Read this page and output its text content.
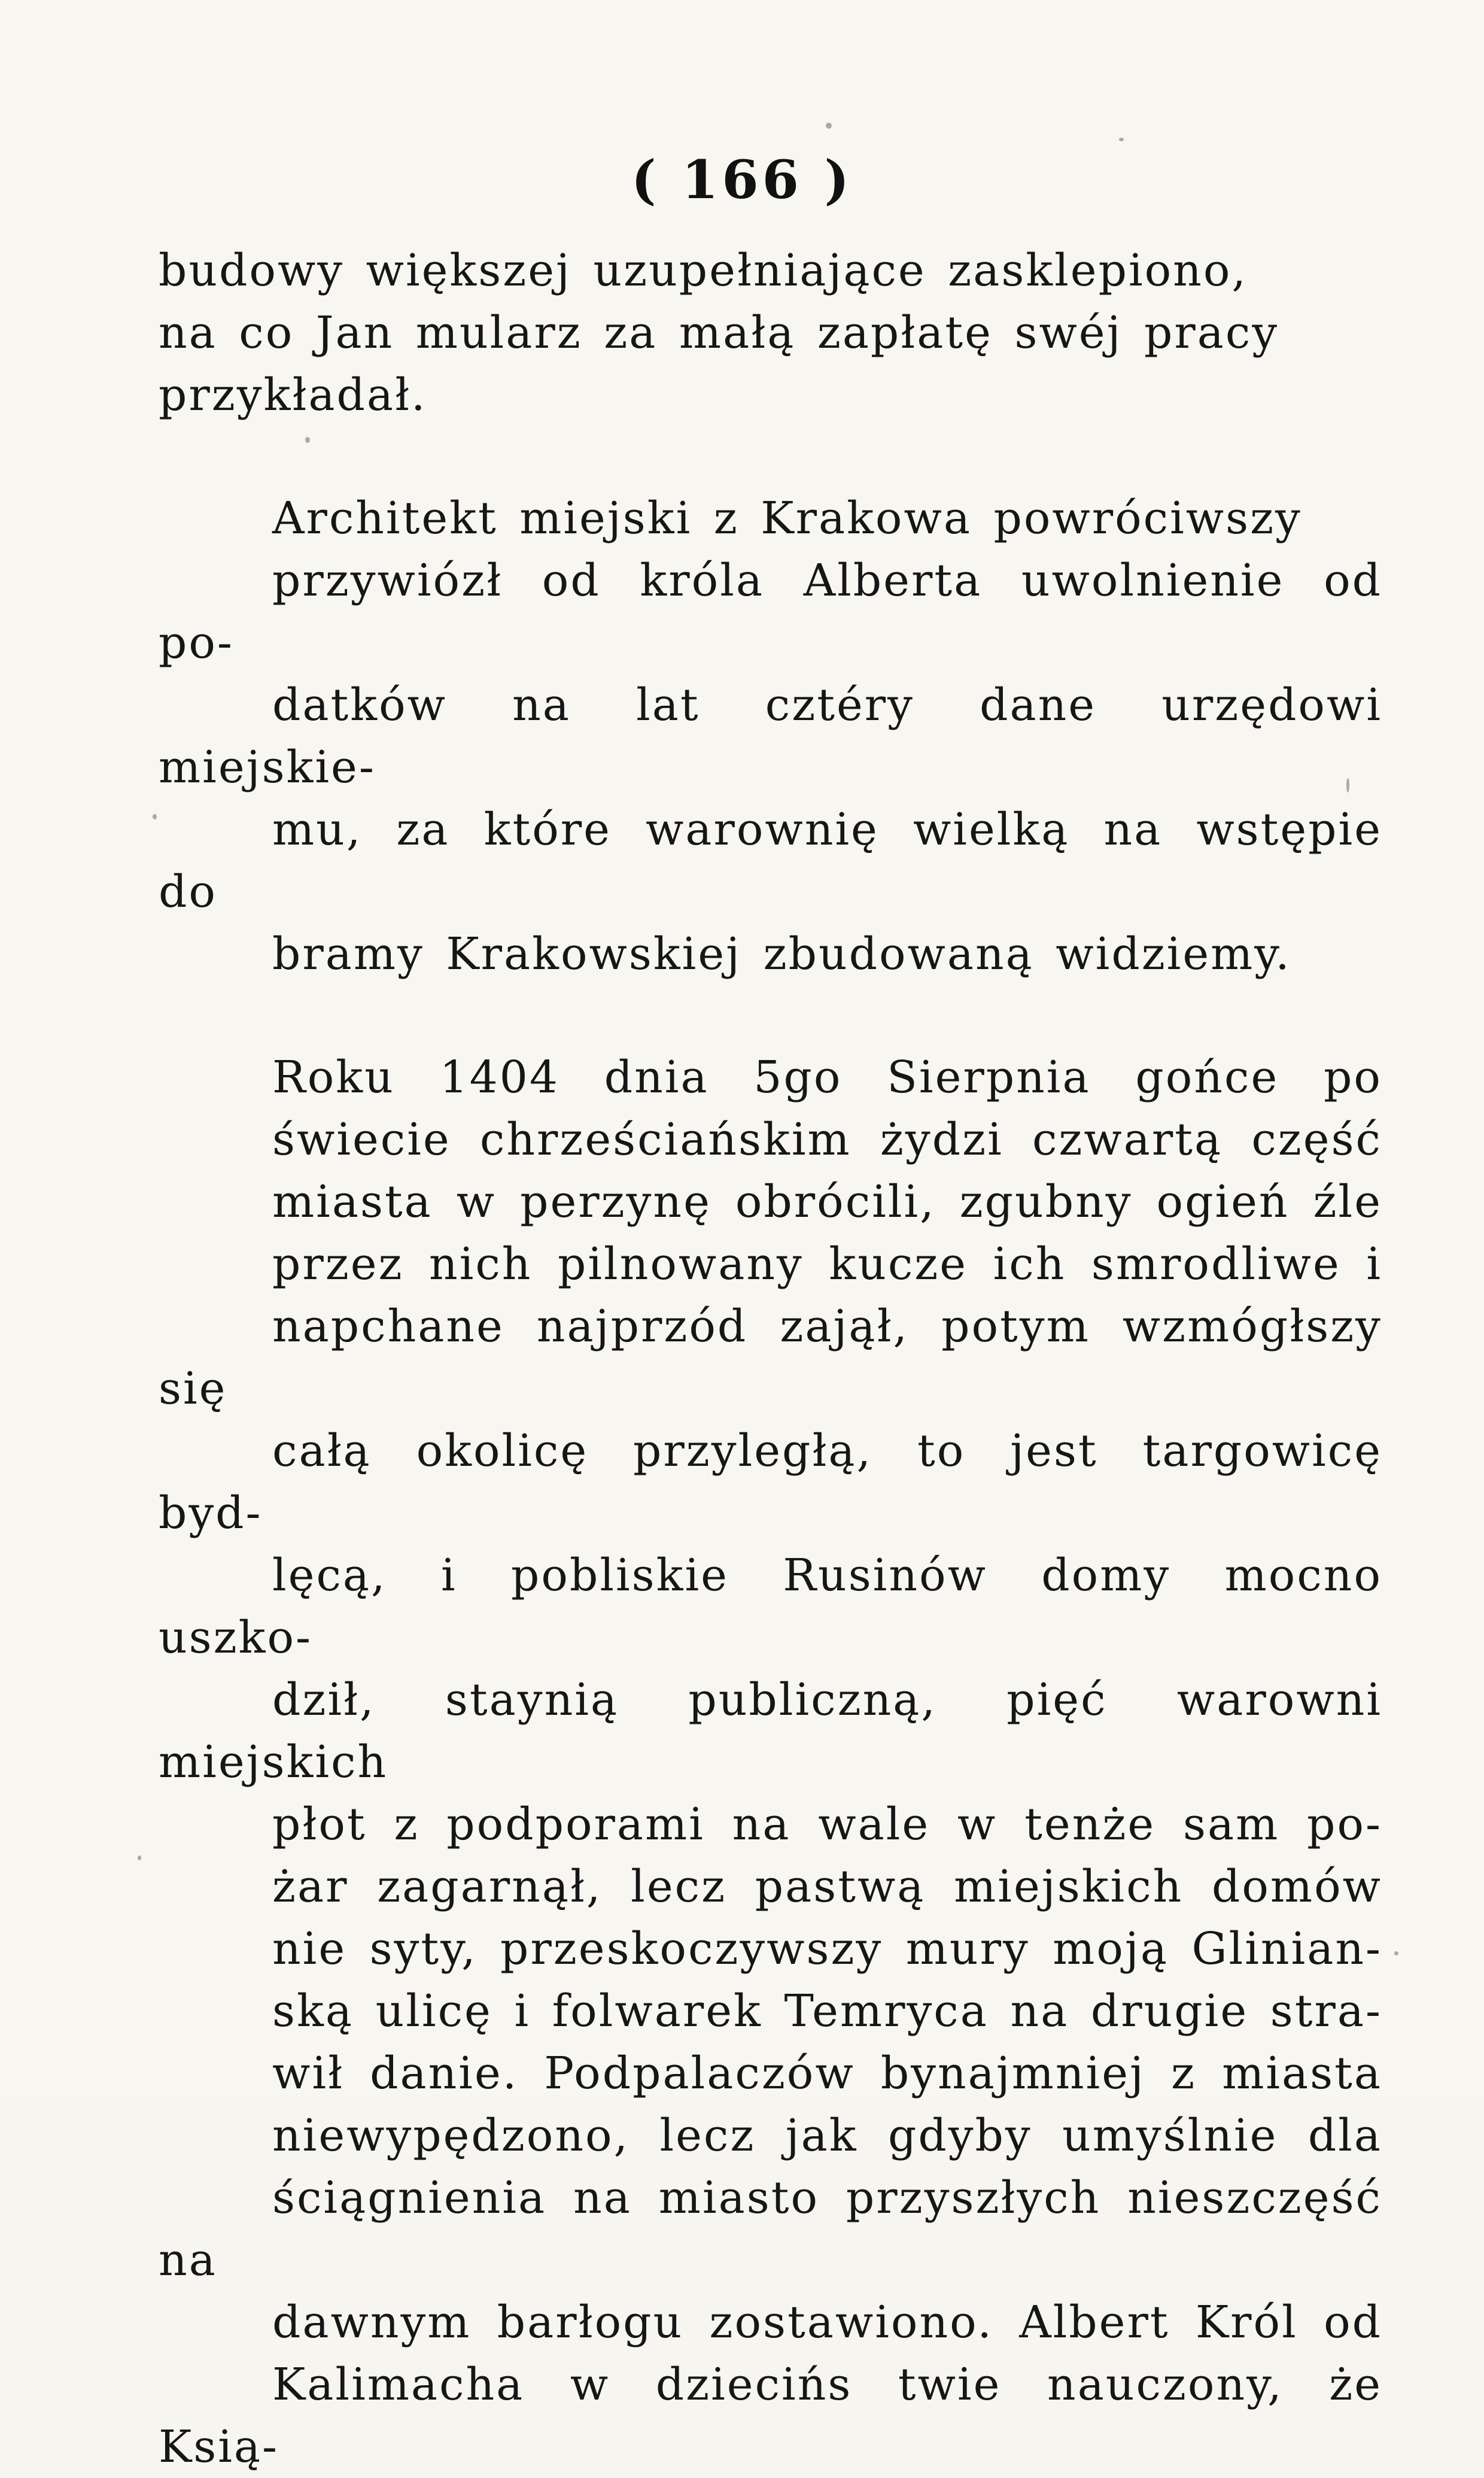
( 166 )

budowy większej uzupełniające zasklepiono,
na co Jan mularz za małą zapłatę swéj pracy
przykładał.

Architekt miejski z Krakowa powróciwszy
przywiózł od króla Alberta uwolnienie od po-
datków na lat cztéry dane urzędowi miejskie-
mu, za które warownię wielką na wstępie do
bramy Krakowskiej zbudowaną widziemy.

Roku 1404 dnia 5go Sierpnia gońce po
świecie chrześciańskim żydzi czwartą część
miasta w perzynę obrócili, zgubny ogień źle
przez nich pilnowany kucze ich smrodliwe i
napchane najprzód zajął, potym wzmógłszy się
całą okolicę przyległą, to jest targowicę byd-
lęcą, i pobliskie Rusinów domy mocno uszko-
dził, staynią publiczną, pięć warowni miejskich
płot z podporami na wale w tenże sam po-
żar zagarnął, lecz pastwą miejskich domów
nie syty, przeskoczywszy mury moją Glinian-
ską ulicę i folwarek Temryca na drugie stra-
wił danie. Podpalaczów bynajmniej z miasta
niewypędzono, lecz jak gdyby umyślnie dla
ściągnienia na miasto przyszłych nieszczęść na
dawnym barłogu zostawiono. Albert Król od
Kalimacha w dziecińs twie nauczony, że Ksią-
